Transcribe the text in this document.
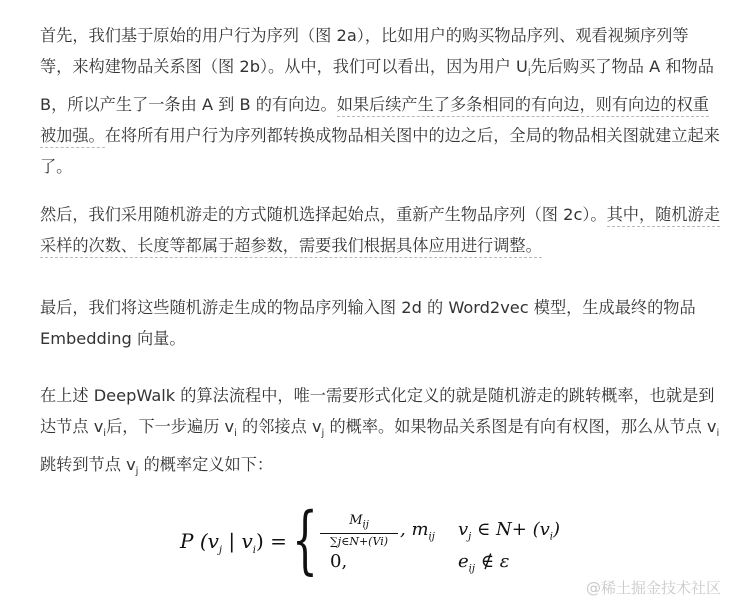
首先，我们基于原始的用户行为序列（图 2a），比如用户的购买物品序列、观看视频序列等等，来构建物品关系图（图 2b）。从中，我们可以看出，因为用户 $U_i$先后购买了物品 A 和物品 B，所以产生了一条由 A 到 B 的有向边。如果后续产生了多条相同的有向边，则有向边的权重被加强。在将所有用户行为序列都转换成物品相关图中的边之后，全局的物品相关图就建立起来了。

然后，我们采用随机游走的方式随机选择起始点，重新产生物品序列（图 2c）。其中，随机游走采样的次数、长度等都属于超参数，需要我们根据具体应用进行调整。

最后，我们将这些随机游走生成的物品序列输入图 2d 的 Word2vec 模型，生成最终的物品 Embedding 向量。

在上述 DeepWalk 的算法流程中，唯一需要形式化定义的就是随机游走的跳转概率，也就是到达节点 $v_i$后，下一步遍历 $v_i$ 的邻接点 $v_j$ 的概率。如果物品关系图是有向有权图，那么从节点 $v_i$ 跳转到节点 $v_j$ 的概率定义如下：

P ($v_j$ | $v_i$) = {	$M_{ij}$
∑j∈N+(Vi)
, $m_{ij}$ $v_j$ ∈ $N+ (v_i)$
0,	$e_{ij}$ ∉ ε
@稀土掘金技术社区
